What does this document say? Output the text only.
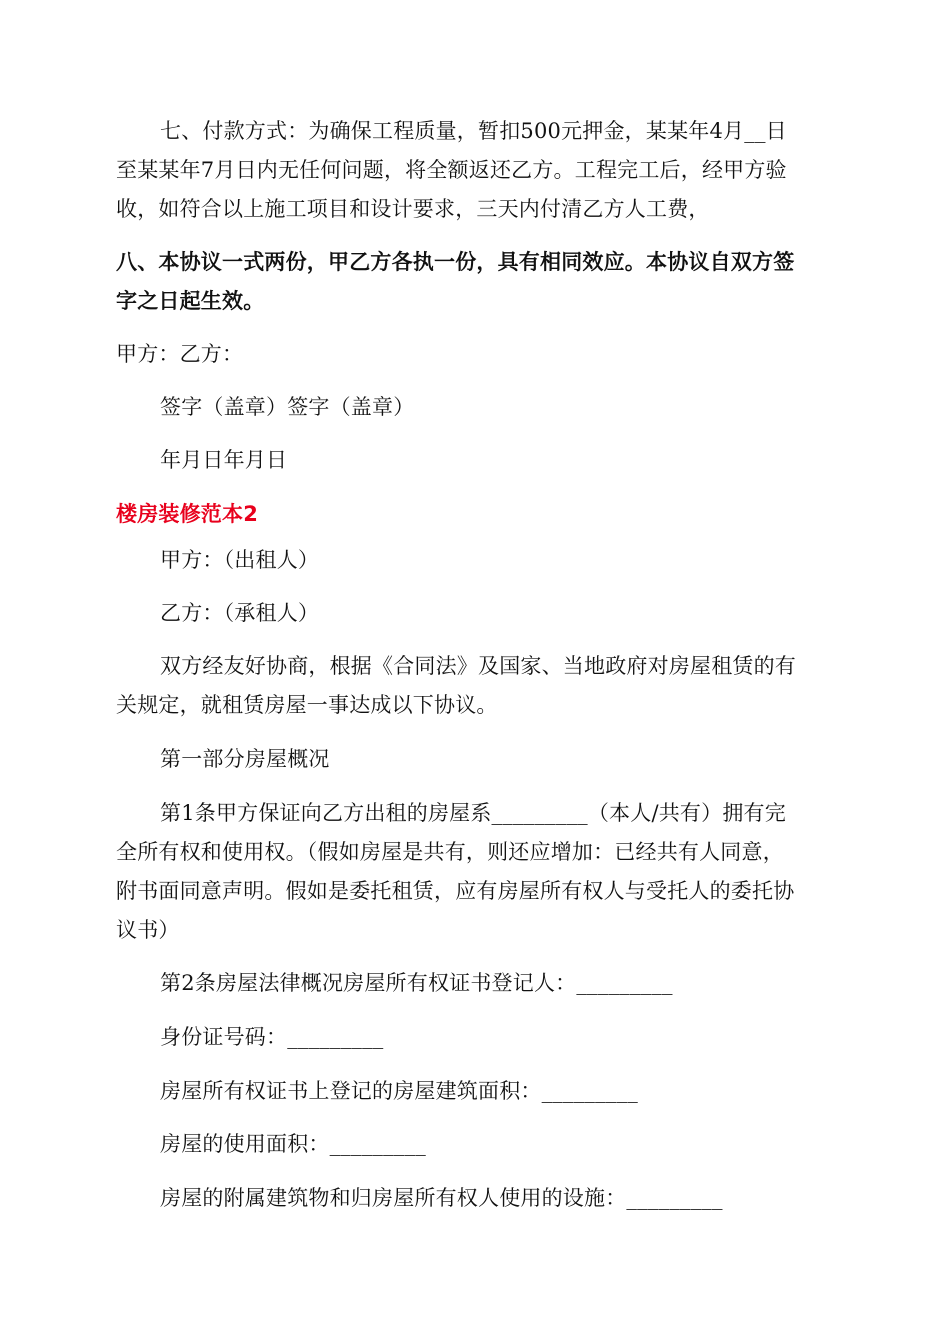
七、付款方式：为确保工程质量，暂扣500元押金，某某年4月__日
至某某年7月日内无任何问题，将全额返还乙方。工程完工后，经甲方验
收，如符合以上施工项目和设计要求，三天内付清乙方人工费，
八、本协议一式两份，甲乙方各执一份，具有相同效应。本协议自双方签
字之日起生效。
甲方：乙方：
签字（盖章）签字（盖章）
年月日年月日
楼房装修范本2
甲方：（出租人）
乙方：（承租人）
双方经友好协商，根据《合同法》及国家、当地政府对房屋租赁的有
关规定，就租赁房屋一事达成以下协议。
第一部分房屋概况
第1条甲方保证向乙方出租的房屋系_________（本人/共有）拥有完
全所有权和使用权。（假如房屋是共有，则还应增加：已经共有人同意，
附书面同意声明。假如是委托租赁，应有房屋所有权人与受托人的委托协
议书）
第2条房屋法律概况房屋所有权证书登记人：_________
身份证号码：_________
房屋所有权证书上登记的房屋建筑面积：_________
房屋的使用面积：_________
房屋的附属建筑物和归房屋所有权人使用的设施：_________
